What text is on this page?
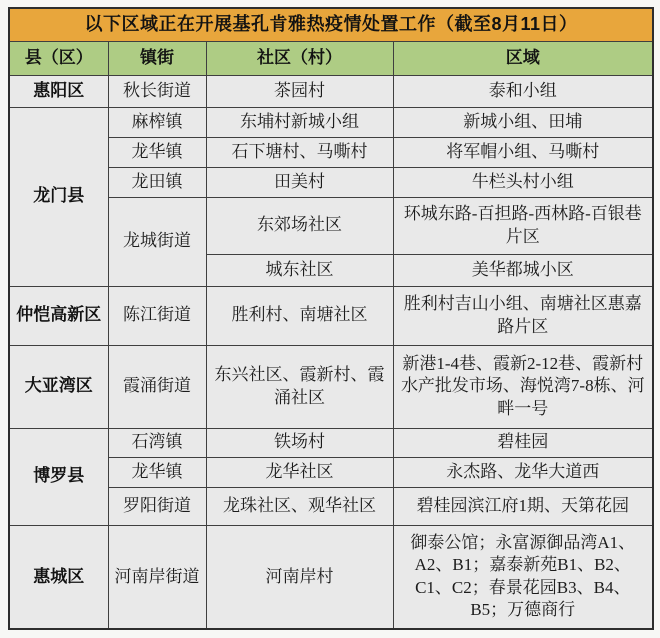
以下区域正在开展基孔肯雅热疫情处置工作（截至8月11日）			
县（区）	镇街	社区（村）	区域
惠阳区	秋长街道	茶园村	泰和小组
龙门县	麻榨镇	东埔村新城小组	新城小组、田埔
	龙华镇	石下塘村、马嘶村	将军帽小组、马嘶村
	龙田镇	田美村	牛栏头村小组
	龙城街道	东郊场社区	环城东路-百担路-西林路-百银巷片区
		城东社区	美华都城小区
仲恺高新区	陈江街道	胜利村、南塘社区	胜利村吉山小组、南塘社区惠嘉路片区
大亚湾区	霞涌街道	东兴社区、霞新村、霞涌社区	新港1-4巷、霞新2-12巷、霞新村水产批发市场、海悦湾7-8栋、河畔一号
博罗县	石湾镇	铁场村	碧桂园
	龙华镇	龙华社区	永杰路、龙华大道西
	罗阳街道	龙珠社区、观华社区	碧桂园滨江府1期、天第花园
惠城区	河南岸街道	河南岸村	御泰公馆；永富源御品湾A1、A2、B1；嘉泰新苑B1、B2、C1、C2；春景花园B3、B4、B5；万德商行
